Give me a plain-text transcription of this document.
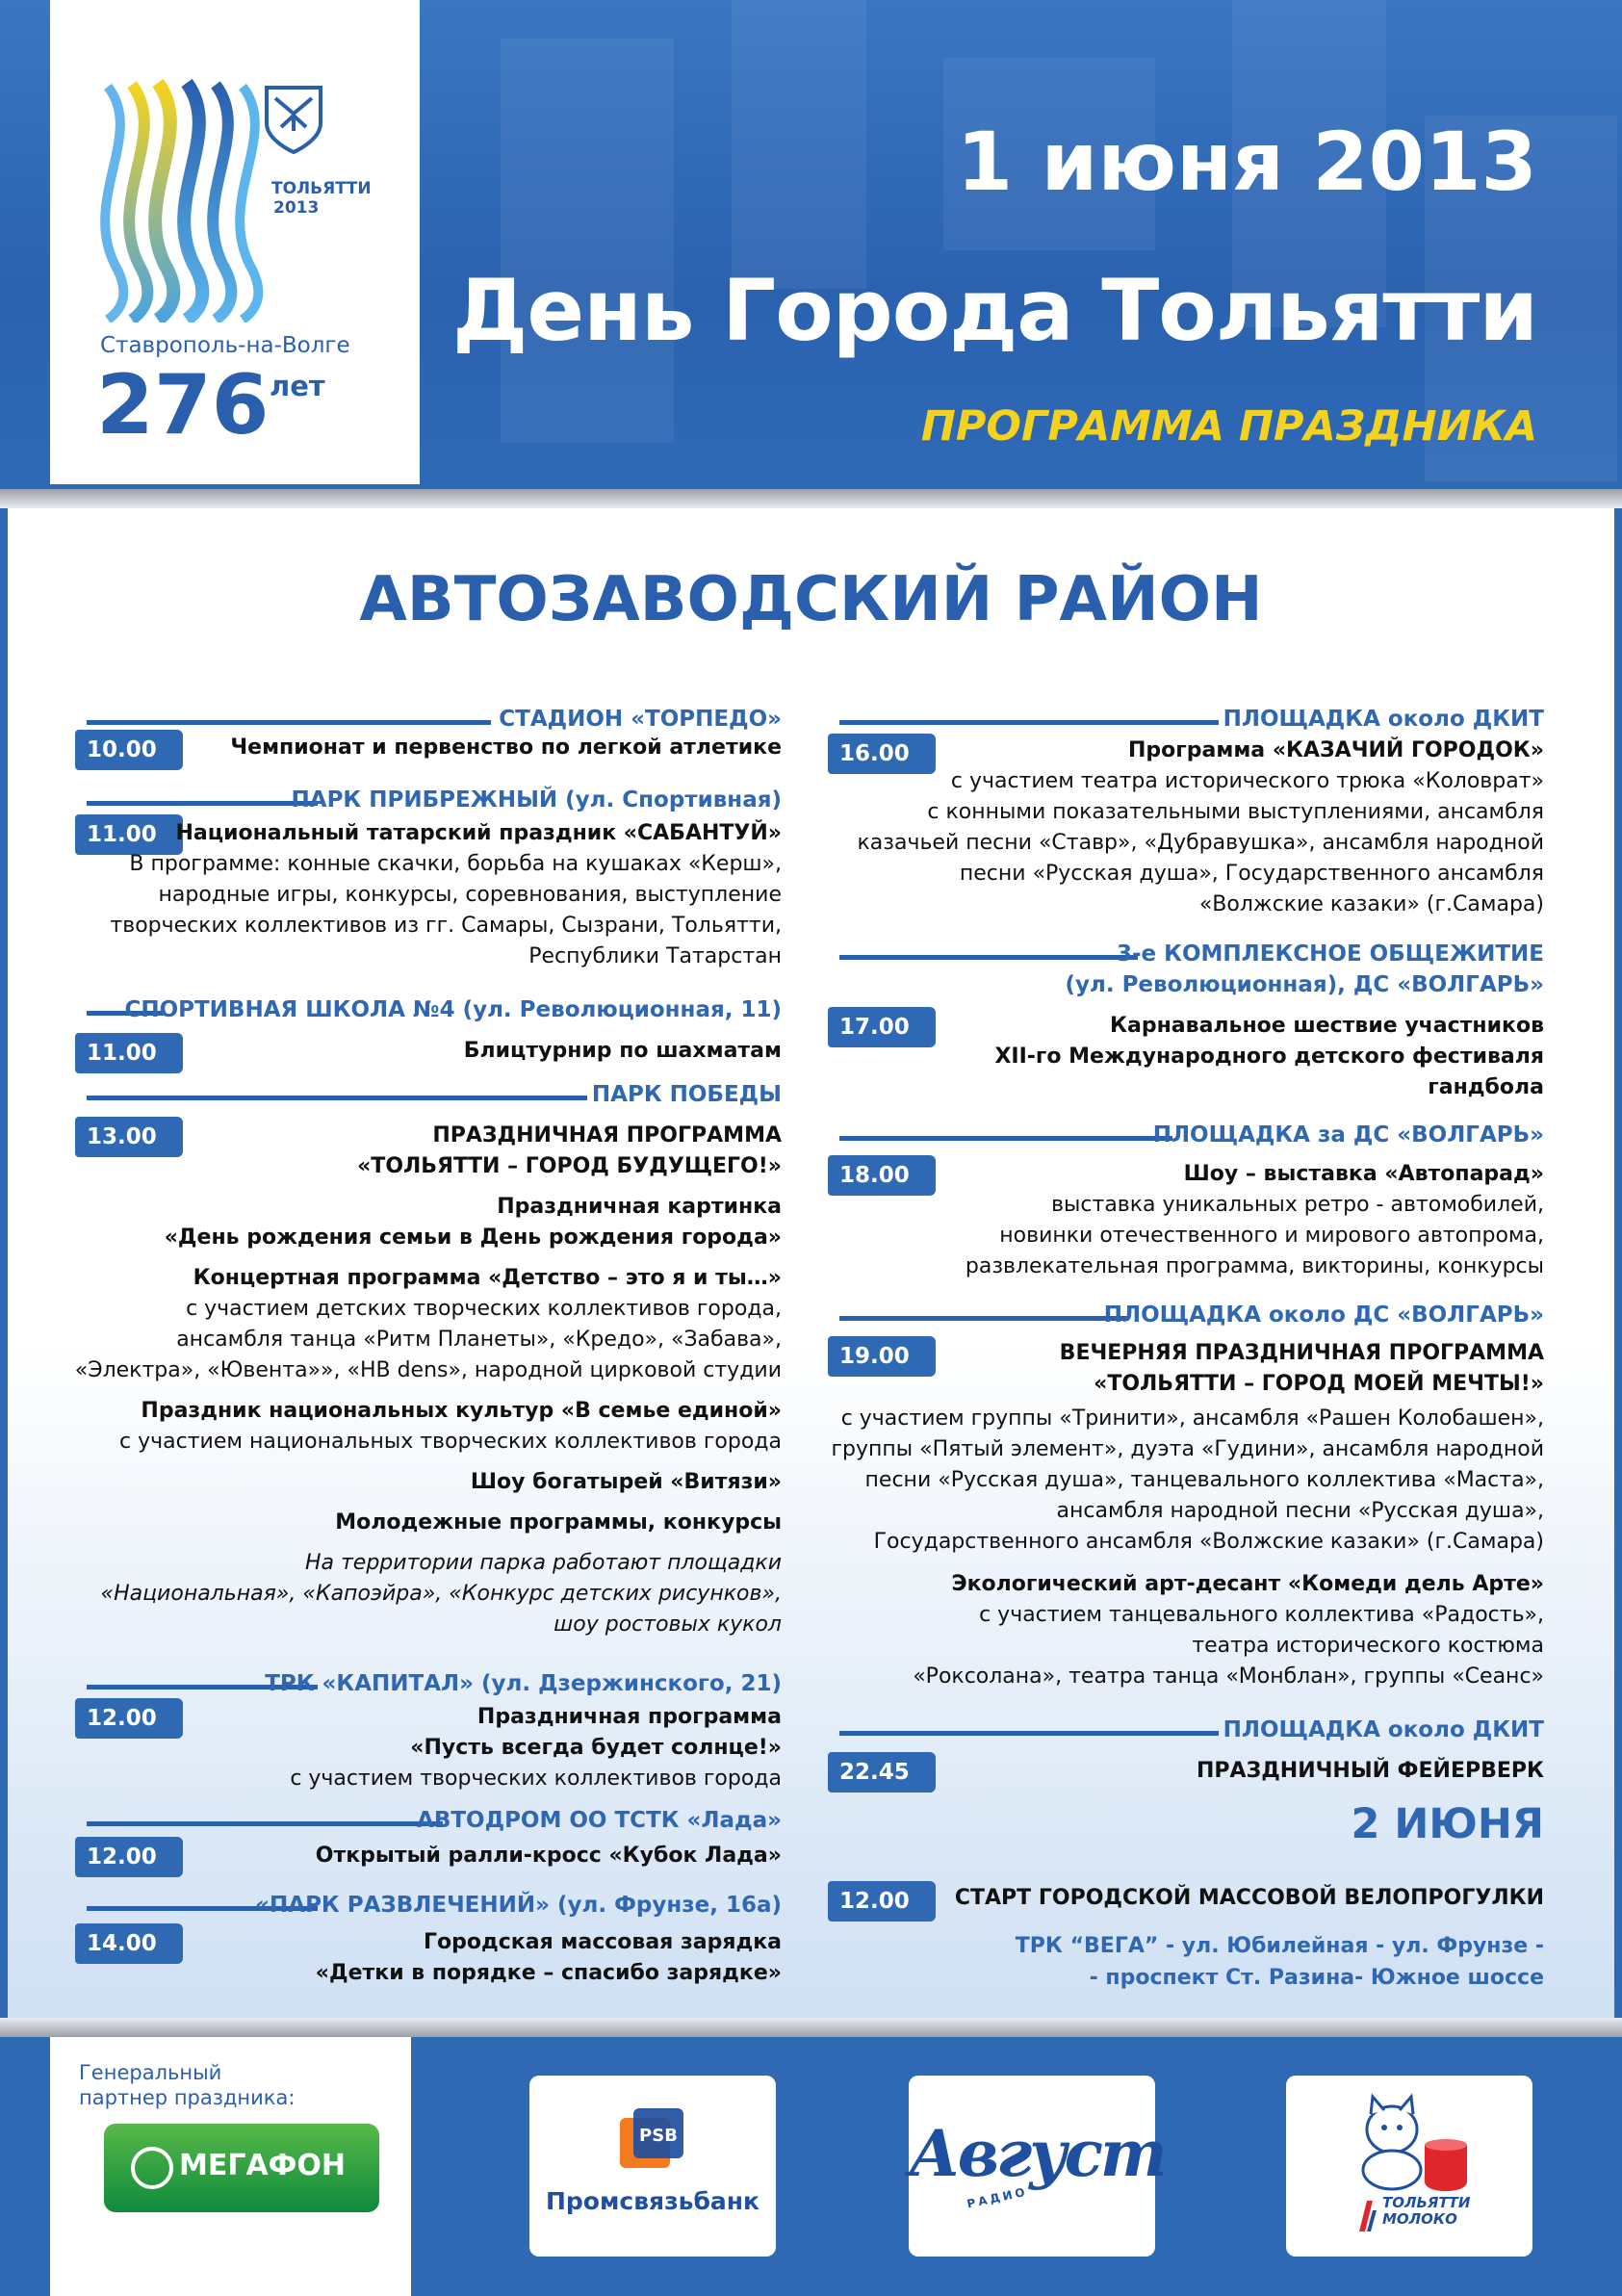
ТОЛЬЯТТИ
2013
Ставрополь-на-Волге
276 лет
1 июня 2013
День Города Тольятти
ПРОГРАММА ПРАЗДНИКА
АВТОЗАВОДСКИЙ РАЙОН
СТАДИОН «ТОРПЕДО»
10.00	Чемпионат и первенство по легкой атлетике
ПАРК ПРИБРЕЖНЫЙ (ул. Спортивная)
11.00 Национальный татарский праздник «САБАНТУЙ»
В программе: конные скачки, борьба на кушаках «Керш»,
народные игры, конкурсы, соревнования, выступление
творческих коллективов из гг. Самары, Сызрани, Тольятти,
Республики Татарстан
СПОРТИВНАЯ ШКОЛА №4 (ул. Революционная, 11)
11.00	Блицтурнир по шахматам
ПАРК ПОБЕДЫ
13.00	ПРАЗДНИЧНАЯ ПРОГРАММА
«ТОЛЬЯТТИ – ГОРОД БУДУЩЕГО!»
Праздничная картинка
«День рождения семьи в День рождения города»
Концертная программа «Детство – это я и ты…»
с участием детских творческих коллективов города,
ансамбля танца «Ритм Планеты», «Кредо», «Забава»,
«Электра», «Ювента»», «НВ dens», народной цирковой студии
Праздник национальных культур «В семье единой»
с участием национальных творческих коллективов города
Шоу богатырей «Витязи»
Молодежные программы, конкурсы
На территории парка работают площадки
«Национальная», «Капоэйра», «Конкурс детских рисунков»,
шоу ростовых кукол
ТРК «КАПИТАЛ» (ул. Дзержинского, 21)
12.00	Праздничная программа
«Пусть всегда будет солнце!»
с участием творческих коллективов города
АВТОДРОМ ОО ТСТК «Лада»
12.00	Открытый ралли-кросс «Кубок Лада»
«ПАРК РАЗВЛЕЧЕНИЙ» (ул. Фрунзе, 16а)
14.00	Городская массовая зарядка
«Детки в порядке – спасибо зарядке»
ПЛОЩАДКА около ДКИТ
16.00	Программа «КАЗАЧИЙ ГОРОДОК»
с участием театра исторического трюка «Коловрат»
с конными показательными выступлениями, ансамбля
казачьей песни «Ставр», «Дубравушка», ансамбля народной
песни «Русская душа», Государственного ансамбля
«Волжские казаки» (г.Самара)
3-е КОМПЛЕКСНОЕ ОБЩЕЖИТИЕ
(ул. Революционная), ДС «ВОЛГАРЬ»
17.00	Карнавальное шествие участников
XII-го Международного детского фестиваля
гандбола
ПЛОЩАДКА за ДС «ВОЛГАРЬ»
18.00	Шоу – выставка «Автопарад»
выставка уникальных ретро - автомобилей,
новинки отечественного и мирового автопрома,
развлекательная программа, викторины, конкурсы
ПЛОЩАДКА около ДС «ВОЛГАРЬ»
19.00	ВЕЧЕРНЯЯ ПРАЗДНИЧНАЯ ПРОГРАММА
«ТОЛЬЯТТИ – ГОРОД МОЕЙ МЕЧТЫ!»
с участием группы «Тринити», ансамбля «Рашен Колобашен»,
группы «Пятый элемент», дуэта «Гудини», ансамбля народной
песни «Русская душа», танцевального коллектива «Маста»,
ансамбля народной песни «Русская душа»,
Государственного ансамбля «Волжские казаки» (г.Самара)
Экологический арт-десант «Комеди дель Арте»
с участием танцевального коллектива «Радость»,
театра исторического костюма
«Роксолана», театра танца «Монблан», группы «Сеанс»
ПЛОЩАДКА около ДКИТ
22.45	ПРАЗДНИЧНЫЙ ФЕЙЕРВЕРК
2 ИЮНЯ
12.00	СТАРТ ГОРОДСКОЙ МАССОВОЙ ВЕЛОПРОГУЛКИ
ТРК “ВЕГА” - ул. Юбилейная - ул. Фрунзе -
- проспект Ст. Разина- Южное шоссе
Генеральный
партнер праздника:
МЕГАФОН
PSB
Промсвязьбанк
Август
РАДИО	ТОЛЬЯТТИ
МОЛОКО
